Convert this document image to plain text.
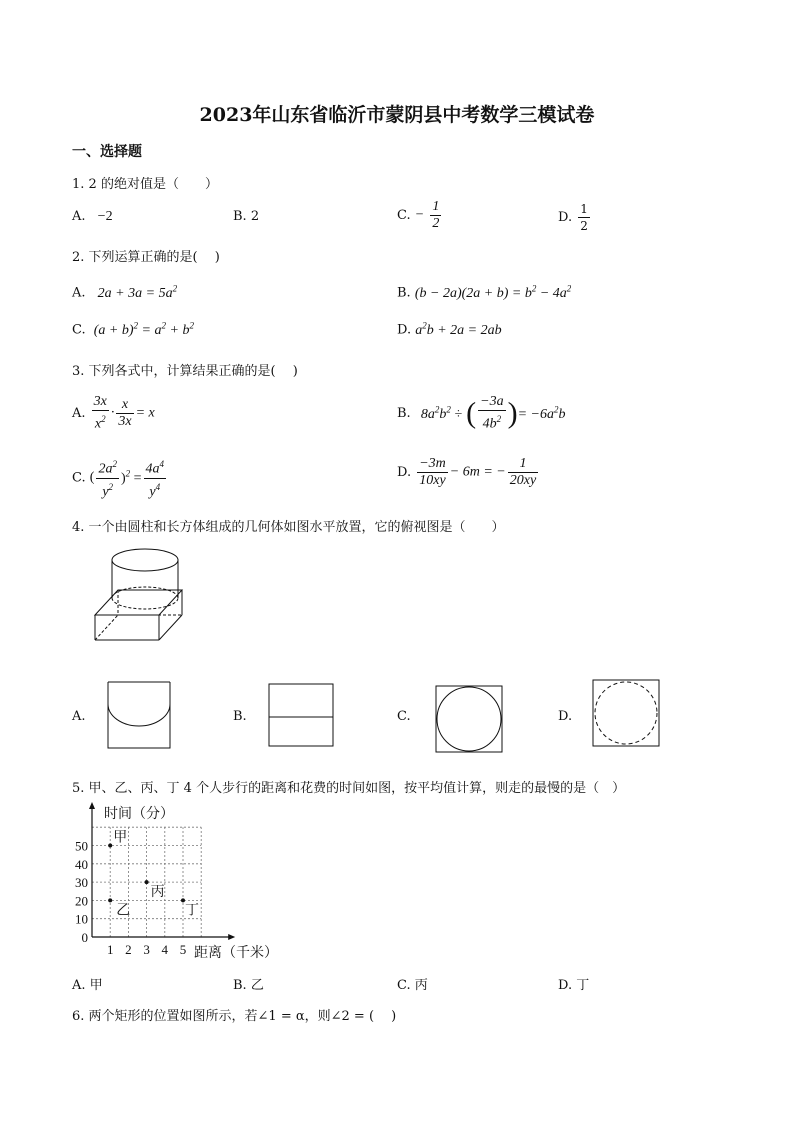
2023年山东省临沂市蒙阴县中考数学三模试卷
一、选择题
1. 2 的绝对值是（　　）
A. −2	B. 2	C. − $\frac{1}{2}$	D. $\frac{1}{2}$
2. 下列运算正确的是(　 )
A. $2a + 3a = 5a^2$	B. $(b - 2a)(2a + b) = b^2 - 4a^2$
C. $(a + b)^2 = a^2 + b^2$	D. $a^2b + 2a = 2ab$
3. 下列各式中，计算结果正确的是(　 )
A. $\frac{3x}{x^2} \cdot \frac{x}{3x} = x$	B. $8a^2b^2$ ÷ ( $\frac{-3a}{4b^2}$ )= $-6a^2b$
C. ( $\frac{2a^2}{y^2} )^2 = \frac{4a^4}{y^4}$	D. $\frac{-3m}{10xy} - 6m$ = − $\frac{1}{20xy}$
4. 一个由圆柱和长方体组成的几何体如图水平放置，它的俯视图是（　　）
A.	B.	C.	D.
5. 甲、乙、丙、丁 4 个人步行的距离和花费的时间如图，按平均值计算，则走的最慢的是（　）
1 2 3 4 5
0
10
20
30
40
50
甲
乙
丙
丁
时间（分）
距离（千米）
A. 甲	B. 乙	C. 丙	D. 丁
6. 两个矩形的位置如图所示，若∠1 = α，则∠2 = (　 )
